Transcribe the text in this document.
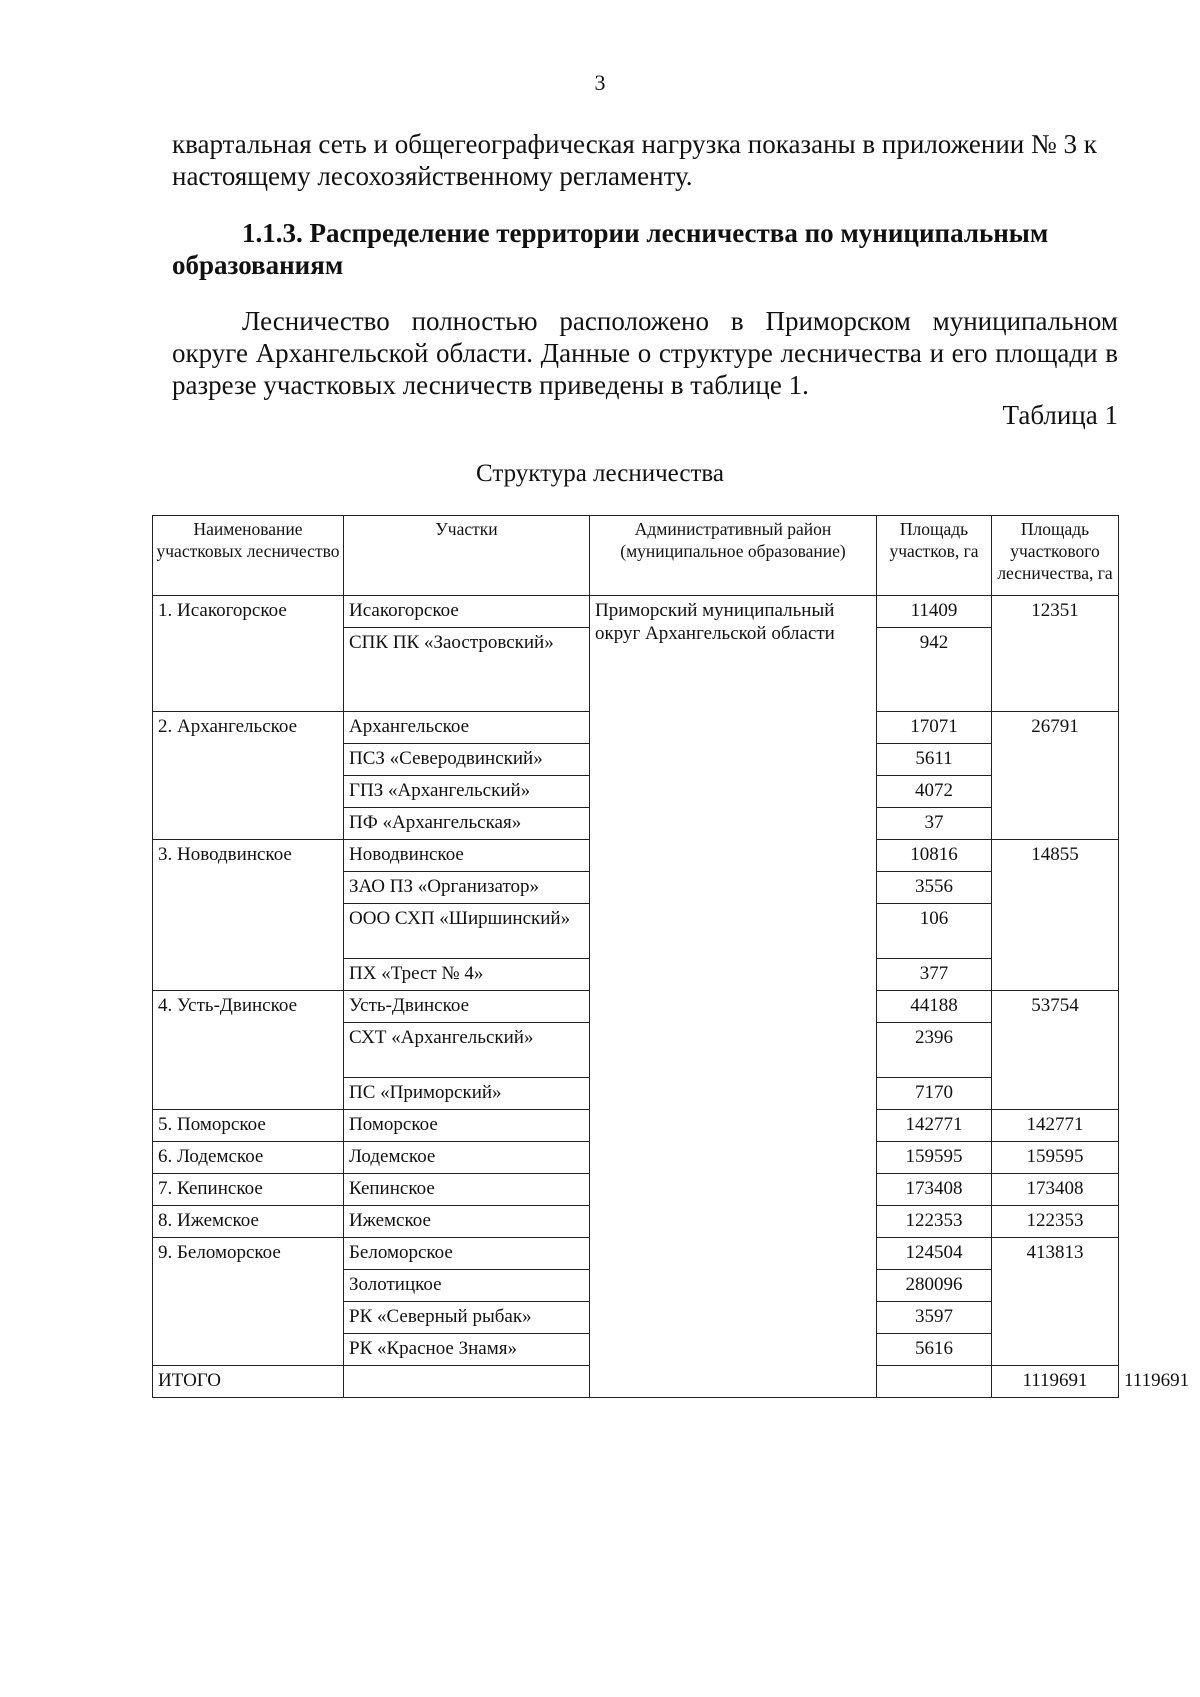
3
квартальная сеть и общегеографическая нагрузка показаны в приложении № 3 к настоящему лесохозяйственному регламенту.
1.1.3. Распределение территории лесничества по муниципальным
образованиям
Лесничество полностью расположено в Приморском муниципальном округе Архангельской области. Данные о структуре лесничества и его площади в разрезе участковых лесничеств приведены в таблице 1.
Таблица 1
Структура лесничества
Наименование участковых лесничество	Участки	Административный район (муниципальное образование)	Площадь участков, га	Площадь участкового лесничества, га	
1. Исакогорское	Исакогорское	Приморский муниципальный округ Архангельской области	11409	12351	
	СПК ПК «Заостровский»		942		
2. Архангельское	Архангельское		17071	26791	
	ПСЗ «Северодвинский»		5611		
	ГПЗ «Архангельский»		4072		
	ПФ «Архангельская»		37		
3. Новодвинское	Новодвинское		10816	14855	
	ЗАО ПЗ «Организатор»		3556		
	ООО СХП «Ширшинский»		106		
	ПХ «Трест № 4»		377		
4. Усть-Двинское	Усть-Двинское		44188	53754	
	СХТ «Архангельский»		2396		
	ПС «Приморский»		7170		
5. Поморское	Поморское		142771	142771	
6. Лодемское	Лодемское		159595	159595	
7. Кепинское	Кепинское		173408	173408	
8. Ижемское	Ижемское		122353	122353	
9. Беломорское	Беломорское		124504	413813	
	Золотицкое		280096		
	РК «Северный рыбак»		3597		
	РК «Красное Знамя»		5616		
ИТОГО				1119691	1119691
